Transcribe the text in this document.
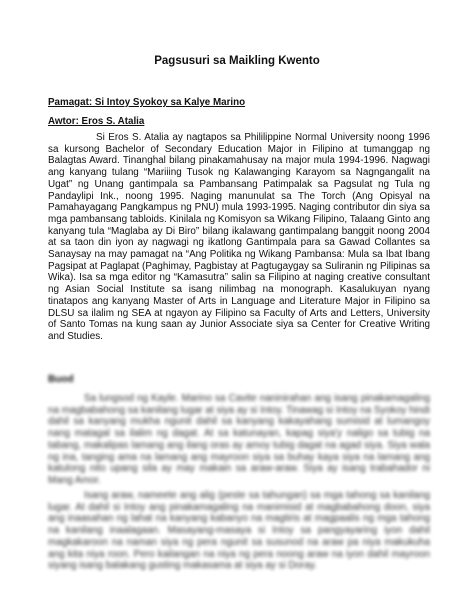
Pagsusuri sa Maikling Kwento
Pamagat: Si Intoy Syokoy sa Kalye Marino
Awtor: Eros S. Atalia

Si Eros S. Atalia ay nagtapos sa Phililippine Normal University noong 1996 sa kursong Bachelor of Secondary Education Major in Filipino at tumanggap ng Balagtas Award. Tinanghal bilang pinakamahusay na major mula 1994-1996. Nagwagi ang kanyang tulang “Mariiing Tusok ng Kalawanging Karayom sa Nagngangalit na Ugat” ng Unang gantimpala sa Pambansang Patimpalak sa Pagsulat ng Tula ng Pandaylipi Ink., noong 1995. Naging manunulat sa The Torch (Ang Opisyal na Pamahayagang Pangkampus ng PNU) mula 1993-1995. Naging contributor din siya sa mga pambansang tabloids. Kinilala ng Komisyon sa Wikang Filipino, Talaang Ginto ang kanyang tula “Maglaba ay Di Biro” bilang ikalawang gantimpalang banggit noong 2004 at sa taon din iyon ay nagwagi ng ikatlong Gantimpala para sa Gawad Collantes sa Sanaysay na may pamagat na “Ang Politika ng Wikang Pambansa: Mula sa Ibat Ibang Pagsipat at Paglapat (Paghimay, Pagbistay at Pagtugaygay sa Suliranin ng Pilipinas sa Wika). Isa sa mga editor ng “Kamasutra” salin sa Filipino at naging creative consultant ng Asian Social Institute sa isang nilimbag na monograph. Kasalukuyan nyang tinatapos ang kanyang Master of Arts in Language and Literature Major in Filipino sa DLSU sa ilalim ng SEA at ngayon ay Filipino sa Faculty of Arts and Letters, University of Santo Tomas na kung saan ay Junior Associate siya sa Center for Creative Writing and Studies.

Buod

Sa lungsod ng Kayle. Marino sa Cavite naninirahan ang isang pinakamagaling na magbabahong sa kanilang lugar at siya ay si Intoy. Tinawag si Intoy na Syokoy hindi dahil sa kanyang mukha ngunit dahil sa kanyang kakayahang sumisid at lumangoy nang matagal sa ilalim ng dagat. At sa katunayan, kapag siya'y naligo sa tubig na tabang, makalipas lamang ang ilang oras ay amoy tubig dagat na agad siya. Siya wala ng ina, tanging ama na lamang ang mayroon siya sa buhay kaya siya na lamang ang katulong nito upang sila ay may makain sa araw-araw. Siya ay isang trabahador ni Mang Amor.

Isang araw, nameete ang alig (peste sa tahungan) sa mga tahong sa kanilang lugar. At dahil si Intoy ang pinakamagaling na manimisid at magbabahong doon, siya ang inaasahan ng lahat na kanyang kabanyo na magtiris at magpaalis ng mga tahong na kanilang inaalagaan. Masayang-masaya si Intoy sa pangyayaring iyon dahil magkakaroon na naman siya ng pera ngunit sa susunod na araw pa niya makukuha ang kita niya roon. Pero kailangan na niya ng pera noong araw na iyon dahil mayroon siyang isang balakang gusting makasama at siya ay si Doray.
